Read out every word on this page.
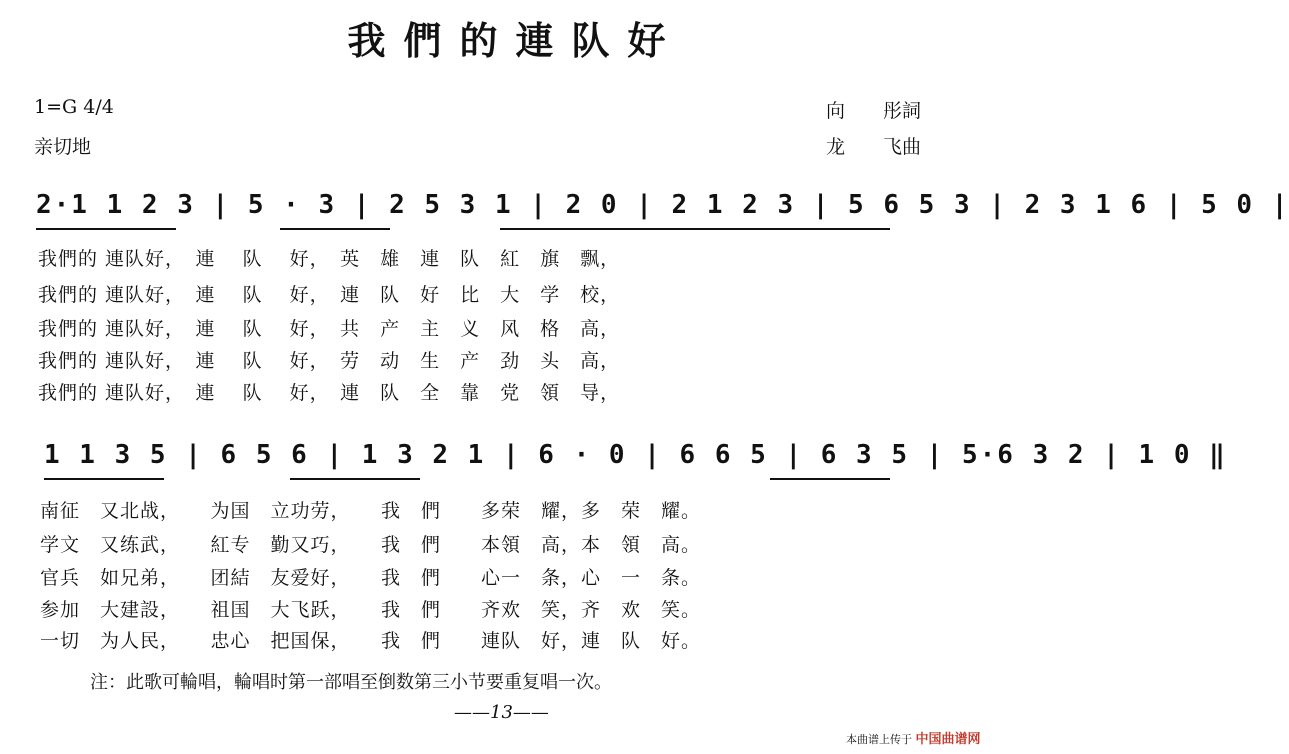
我們的連队好
1=G 4/4
亲切地
向　　彤詞
龙　　飞曲
2·1 1 2 3 | 5 · 3 | 2 5 3 1 | 2 0 | 2 1 2 3 | 5 6 5 3 | 2 3 1 6 | 5 0 |
我們的 連队好，　連　 队　 好，　英　雄　連　队　紅　旗　飘，
我們的 連队好，　連　 队　 好，　連　队　好　比　大　学　校，
我們的 連队好，　連　 队　 好，　共　产　主　义　风　格　高，
我們的 連队好，　連　 队　 好，　劳　动　生　产　劲　头　高，
我們的 連队好，　連　 队　 好，　連　队　全　靠　党　領　导，
1 1 3 5 | 6 5 6 | 1 3 2 1 | 6 · 0 | 6 6 5 | 6 3 5 | 5·6 3 2 | 1 0 ‖
南征　又北战，　　为国　立功劳，　　我　們　　多荣　耀，多　荣　耀。
学文　又练武，　　紅专　勤又巧，　　我　們　　本領　高，本　領　高。
官兵　如兄弟，　　团結　友爱好，　　我　們　　心一　条，心　一　条。
参加　大建設，　　祖国　大飞跃，　　我　們　　齐欢　笑，齐　欢　笑。
一切　为人民，　　忠心　把国保，　　我　們　　連队　好，連　队　好。
注：此歌可輪唱，輪唱时第一部唱至倒数第三小节要重复唱一次。
——13——
本曲谱上传于 中国曲谱网
